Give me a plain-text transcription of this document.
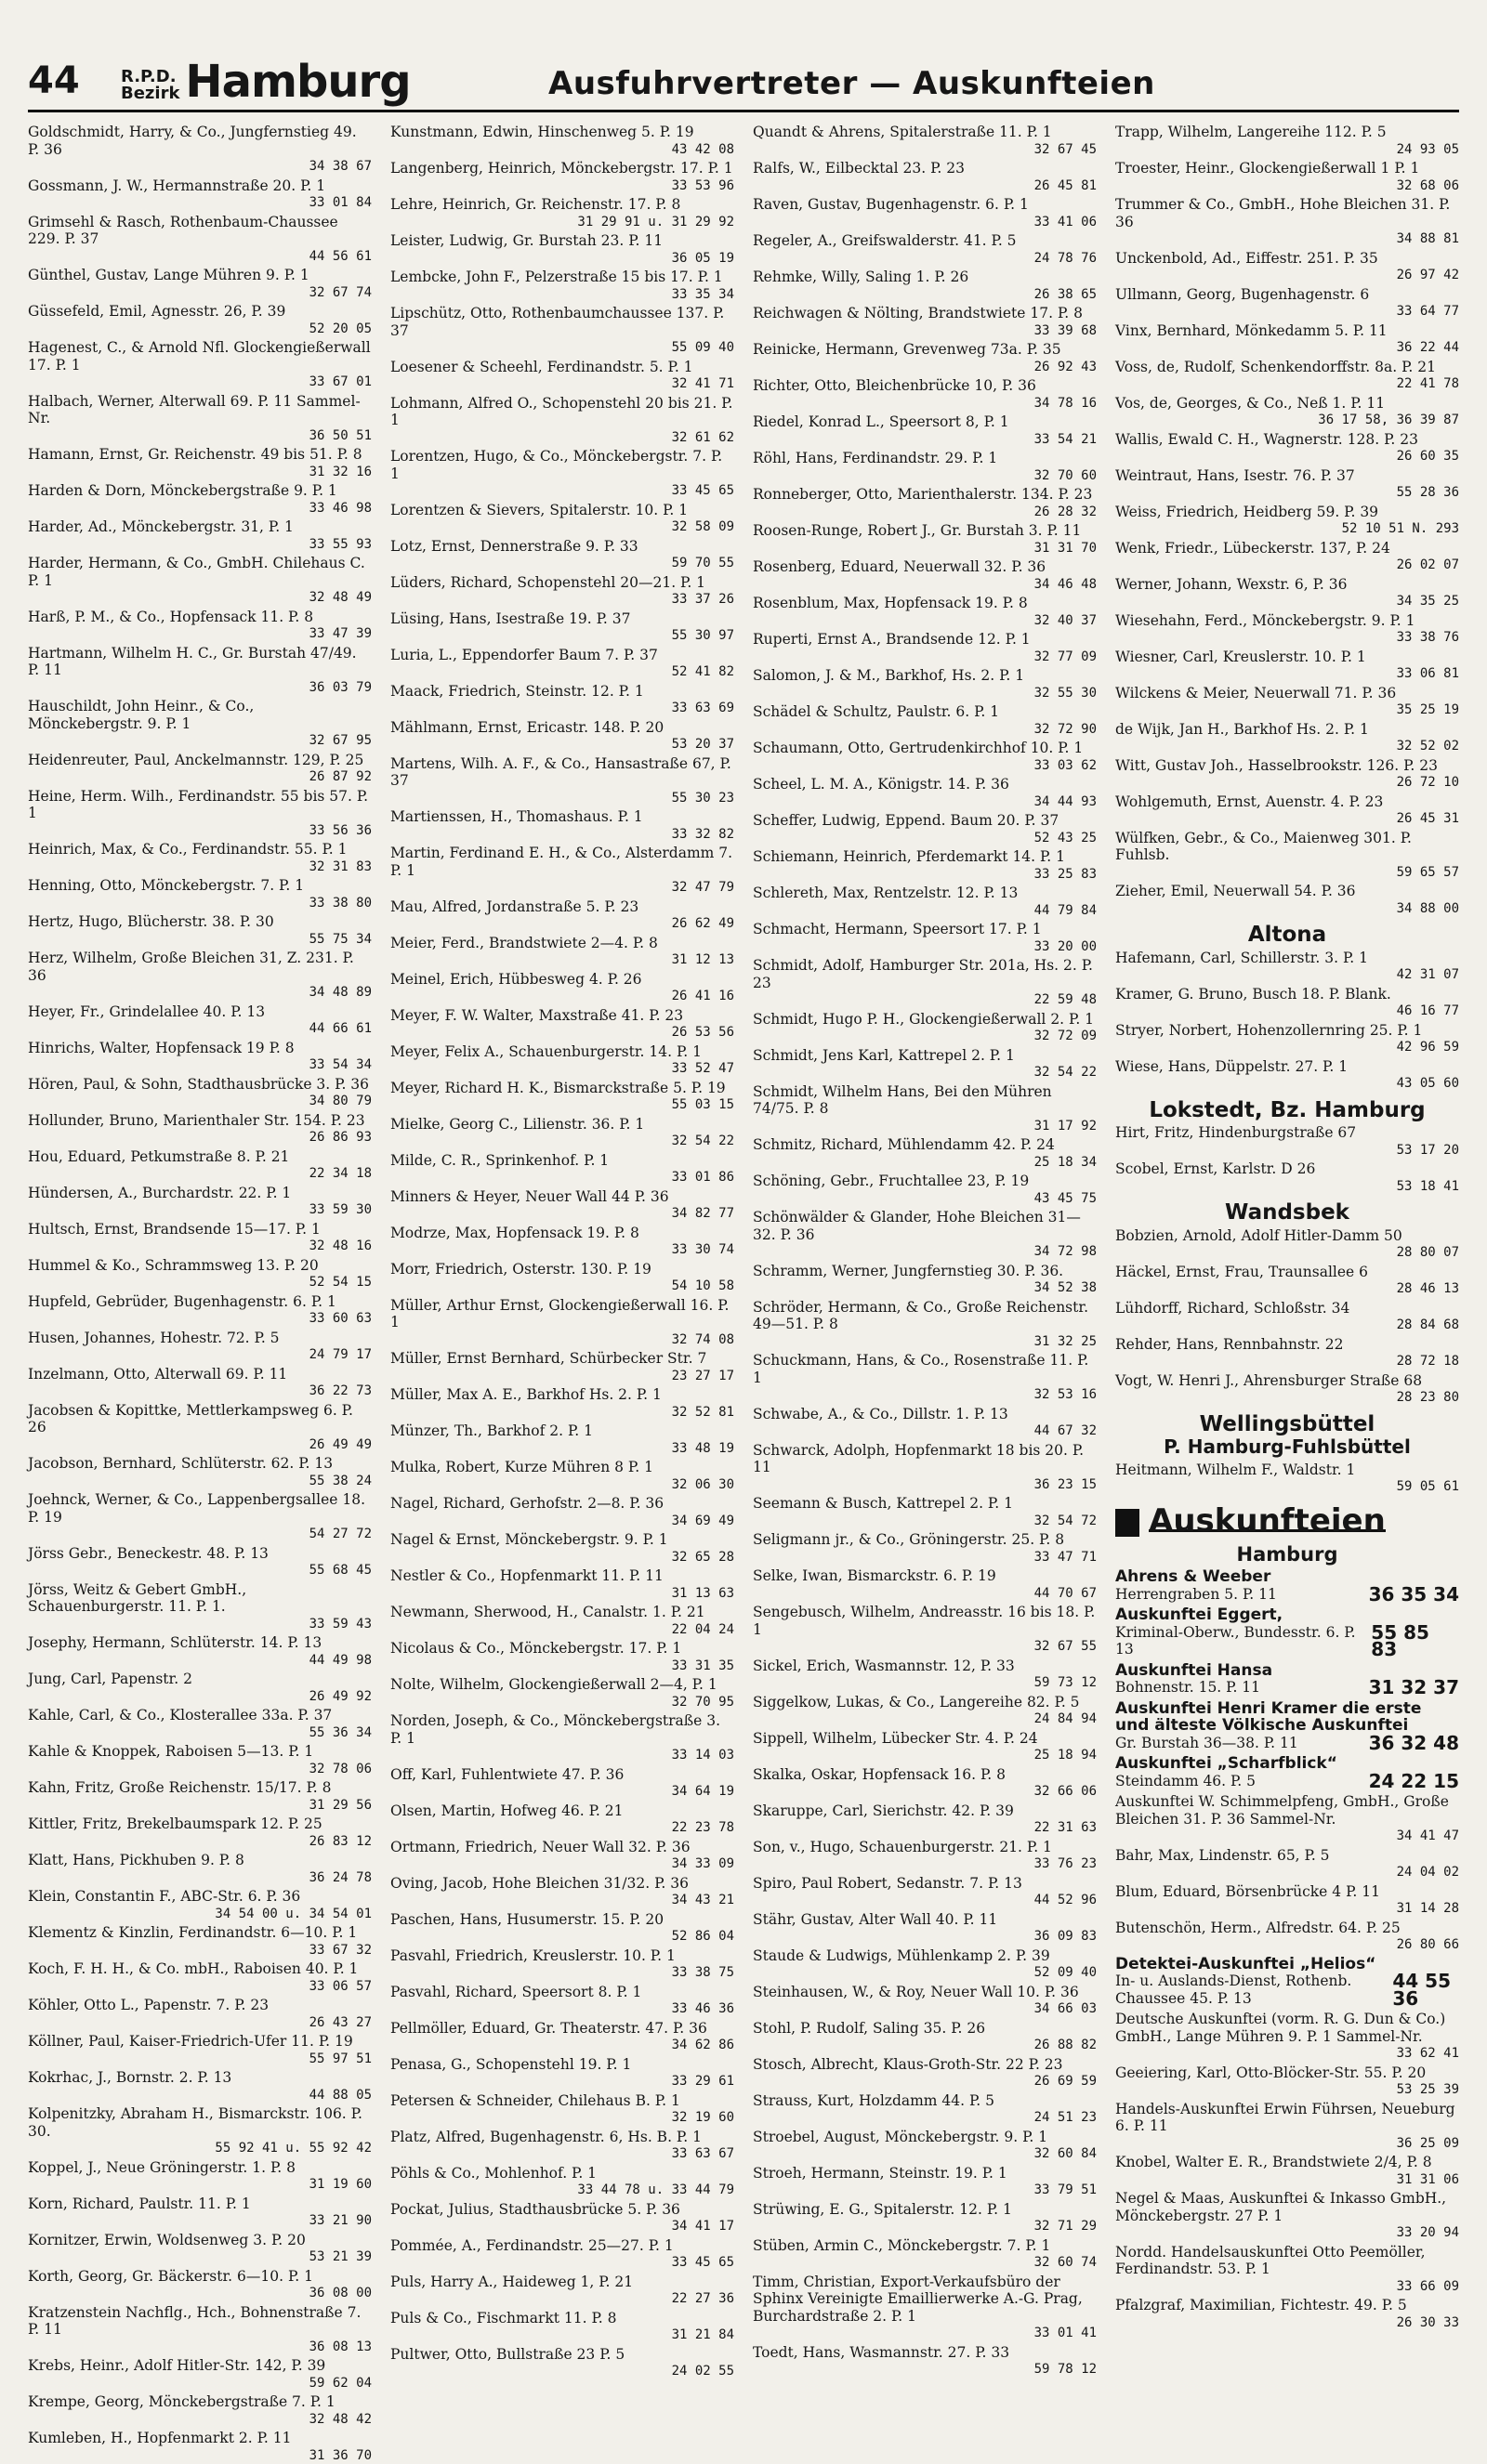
44	R.P.D.
Bezirk Hamburg	Ausfuhrvertreter — Auskunfteien
Goldschmidt, Harry, & Co., Jungfernstieg 49. P. 36
34 38 67
Gossmann, J. W., Hermannstraße 20. P. 1
33 01 84
Grimsehl & Rasch, Rothenbaum-Chaussee 229. P. 37
44 56 61
Günthel, Gustav, Lange Mühren 9. P. 1
32 67 74
Güssefeld, Emil, Agnesstr. 26, P. 39
52 20 05
Hagenest, C., & Arnold Nfl. Glockengießerwall 17. P. 1
33 67 01
Halbach, Werner, Alterwall 69. P. 11 Sammel-Nr.
36 50 51
Hamann, Ernst, Gr. Reichenstr. 49 bis 51. P. 8
31 32 16
Harden & Dorn, Mönckebergstraße 9. P. 1
33 46 98
Harder, Ad., Mönckebergstr. 31, P. 1
33 55 93
Harder, Hermann, & Co., GmbH. Chilehaus C. P. 1
32 48 49
Harß, P. M., & Co., Hopfensack 11. P. 8
33 47 39
Hartmann, Wilhelm H. C., Gr. Burstah 47/49. P. 11
36 03 79
Hauschildt, John Heinr., & Co., Mönckebergstr. 9. P. 1
32 67 95
Heidenreuter, Paul, Anckelmannstr. 129, P. 25
26 87 92
Heine, Herm. Wilh., Ferdinandstr. 55 bis 57. P. 1
33 56 36
Heinrich, Max, & Co., Ferdinandstr. 55. P. 1
32 31 83
Henning, Otto, Mönckebergstr. 7. P. 1
33 38 80
Hertz, Hugo, Blücherstr. 38. P. 30
55 75 34
Herz, Wilhelm, Große Bleichen 31, Z. 231. P. 36
34 48 89
Heyer, Fr., Grindelallee 40. P. 13
44 66 61
Hinrichs, Walter, Hopfensack 19 P. 8
33 54 34
Hören, Paul, & Sohn, Stadthausbrücke 3. P. 36
34 80 79
Hollunder, Bruno, Marienthaler Str. 154. P. 23
26 86 93
Hou, Eduard, Petkumstraße 8. P. 21
22 34 18
Hündersen, A., Burchardstr. 22. P. 1
33 59 30
Hultsch, Ernst, Brandsende 15—17. P. 1
32 48 16
Hummel & Ko., Schrammsweg 13. P. 20
52 54 15
Hupfeld, Gebrüder, Bugenhagenstr. 6. P. 1
33 60 63
Husen, Johannes, Hohestr. 72. P. 5
24 79 17
Inzelmann, Otto, Alterwall 69. P. 11
36 22 73
Jacobsen & Kopittke, Mettlerkampsweg 6. P. 26
26 49 49
Jacobson, Bernhard, Schlüterstr. 62. P. 13
55 38 24
Joehnck, Werner, & Co., Lappenbergsallee 18. P. 19
54 27 72
Jörss Gebr., Beneckestr. 48. P. 13
55 68 45
Jörss, Weitz & Gebert GmbH., Schauenburgerstr. 11. P. 1.
33 59 43
Josephy, Hermann, Schlüterstr. 14. P. 13
44 49 98
Jung, Carl, Papenstr. 2
26 49 92
Kahle, Carl, & Co., Klosterallee 33a. P. 37
55 36 34
Kahle & Knoppek, Raboisen 5—13. P. 1
32 78 06
Kahn, Fritz, Große Reichenstr. 15/17. P. 8
31 29 56
Kittler, Fritz, Brekelbaumspark 12. P. 25
26 83 12
Klatt, Hans, Pickhuben 9. P. 8
36 24 78
Klein, Constantin F., ABC-Str. 6. P. 36
34 54 00 u. 34 54 01
Klementz & Kinzlin, Ferdinandstr. 6—10. P. 1
33 67 32
Koch, F. H. H., & Co. mbH., Raboisen 40. P. 1
33 06 57
Köhler, Otto L., Papenstr. 7. P. 23
26 43 27
Köllner, Paul, Kaiser-Friedrich-Ufer 11. P. 19
55 97 51
Kokrhac, J., Bornstr. 2. P. 13
44 88 05
Kolpenitzky, Abraham H., Bismarckstr. 106. P. 30.
55 92 41 u. 55 92 42
Koppel, J., Neue Gröningerstr. 1. P. 8
31 19 60
Korn, Richard, Paulstr. 11. P. 1
33 21 90
Kornitzer, Erwin, Woldsenweg 3. P. 20
53 21 39
Korth, Georg, Gr. Bäckerstr. 6—10. P. 1
36 08 00
Kratzenstein Nachflg., Hch., Bohnenstraße 7. P. 11
36 08 13
Krebs, Heinr., Adolf Hitler-Str. 142, P. 39
59 62 04
Krempe, Georg, Mönckebergstraße 7. P. 1
32 48 42
Kumleben, H., Hopfenmarkt 2. P. 11
31 36 70
Kunstmann, Edwin, Hinschenweg 5. P. 19
43 42 08
Langenberg, Heinrich, Mönckebergstr. 17. P. 1
33 53 96
Lehre, Heinrich, Gr. Reichenstr. 17. P. 8
31 29 91 u. 31 29 92
Leister, Ludwig, Gr. Burstah 23. P. 11
36 05 19
Lembcke, John F., Pelzerstraße 15 bis 17. P. 1
33 35 34
Lipschütz, Otto, Rothenbaumchaussee 137. P. 37
55 09 40
Loesener & Scheehl, Ferdinandstr. 5. P. 1
32 41 71
Lohmann, Alfred O., Schopenstehl 20 bis 21. P. 1
32 61 62
Lorentzen, Hugo, & Co., Mönckebergstr. 7. P. 1
33 45 65
Lorentzen & Sievers, Spitalerstr. 10. P. 1
32 58 09
Lotz, Ernst, Dennerstraße 9. P. 33
59 70 55
Lüders, Richard, Schopenstehl 20—21. P. 1
33 37 26
Lüsing, Hans, Isestraße 19. P. 37
55 30 97
Luria, L., Eppendorfer Baum 7. P. 37
52 41 82
Maack, Friedrich, Steinstr. 12. P. 1
33 63 69
Mählmann, Ernst, Ericastr. 148. P. 20
53 20 37
Martens, Wilh. A. F., & Co., Hansastraße 67, P. 37
55 30 23
Martienssen, H., Thomashaus. P. 1
33 32 82
Martin, Ferdinand E. H., & Co., Alsterdamm 7. P. 1
32 47 79
Mau, Alfred, Jordanstraße 5. P. 23
26 62 49
Meier, Ferd., Brandstwiete 2—4. P. 8
31 12 13
Meinel, Erich, Hübbesweg 4. P. 26
26 41 16
Meyer, F. W. Walter, Maxstraße 41. P. 23
26 53 56
Meyer, Felix A., Schauenburgerstr. 14. P. 1
33 52 47
Meyer, Richard H. K., Bismarckstraße 5. P. 19
55 03 15
Mielke, Georg C., Lilienstr. 36. P. 1
32 54 22
Milde, C. R., Sprinkenhof. P. 1
33 01 86
Minners & Heyer, Neuer Wall 44 P. 36
34 82 77
Modrze, Max, Hopfensack 19. P. 8
33 30 74
Morr, Friedrich, Osterstr. 130. P. 19
54 10 58
Müller, Arthur Ernst, Glockengießerwall 16. P. 1
32 74 08
Müller, Ernst Bernhard, Schürbecker Str. 7
23 27 17
Müller, Max A. E., Barkhof Hs. 2. P. 1
32 52 81
Münzer, Th., Barkhof 2. P. 1
33 48 19
Mulka, Robert, Kurze Mühren 8 P. 1
32 06 30
Nagel, Richard, Gerhofstr. 2—8. P. 36
34 69 49
Nagel & Ernst, Mönckebergstr. 9. P. 1
32 65 28
Nestler & Co., Hopfenmarkt 11. P. 11
31 13 63
Newmann, Sherwood, H., Canalstr. 1. P. 21
22 04 24
Nicolaus & Co., Mönckebergstr. 17. P. 1
33 31 35
Nolte, Wilhelm, Glockengießerwall 2—4, P. 1
32 70 95
Norden, Joseph, & Co., Mönckebergstraße 3. P. 1
33 14 03
Off, Karl, Fuhlentwiete 47. P. 36
34 64 19
Olsen, Martin, Hofweg 46. P. 21
22 23 78
Ortmann, Friedrich, Neuer Wall 32. P. 36
34 33 09
Oving, Jacob, Hohe Bleichen 31/32. P. 36
34 43 21
Paschen, Hans, Husumerstr. 15. P. 20
52 86 04
Pasvahl, Friedrich, Kreuslerstr. 10. P. 1
33 38 75
Pasvahl, Richard, Speersort 8. P. 1
33 46 36
Pellmöller, Eduard, Gr. Theaterstr. 47. P. 36
34 62 86
Penasa, G., Schopenstehl 19. P. 1
33 29 61
Petersen & Schneider, Chilehaus B. P. 1
32 19 60
Platz, Alfred, Bugenhagenstr. 6, Hs. B. P. 1
33 63 67
Pöhls & Co., Mohlenhof. P. 1
33 44 78 u. 33 44 79
Pockat, Julius, Stadthausbrücke 5. P. 36
34 41 17
Pommée, A., Ferdinandstr. 25—27. P. 1
33 45 65
Puls, Harry A., Haideweg 1, P. 21
22 27 36
Puls & Co., Fischmarkt 11. P. 8
31 21 84
Pultwer, Otto, Bullstraße 23 P. 5
24 02 55
Quandt & Ahrens, Spitalerstraße 11. P. 1
32 67 45
Ralfs, W., Eilbecktal 23. P. 23
26 45 81
Raven, Gustav, Bugenhagenstr. 6. P. 1
33 41 06
Regeler, A., Greifswalderstr. 41. P. 5
24 78 76
Rehmke, Willy, Saling 1. P. 26
26 38 65
Reichwagen & Nölting, Brandstwiete 17. P. 8
33 39 68
Reinicke, Hermann, Grevenweg 73a. P. 35
26 92 43
Richter, Otto, Bleichenbrücke 10, P. 36
34 78 16
Riedel, Konrad L., Speersort 8, P. 1
33 54 21
Röhl, Hans, Ferdinandstr. 29. P. 1
32 70 60
Ronneberger, Otto, Marienthalerstr. 134. P. 23
26 28 32
Roosen-Runge, Robert J., Gr. Burstah 3. P. 11
31 31 70
Rosenberg, Eduard, Neuerwall 32. P. 36
34 46 48
Rosenblum, Max, Hopfensack 19. P. 8
32 40 37
Ruperti, Ernst A., Brandsende 12. P. 1
32 77 09
Salomon, J. & M., Barkhof, Hs. 2. P. 1
32 55 30
Schädel & Schultz, Paulstr. 6. P. 1
32 72 90
Schaumann, Otto, Gertrudenkirchhof 10. P. 1
33 03 62
Scheel, L. M. A., Königstr. 14. P. 36
34 44 93
Scheffer, Ludwig, Eppend. Baum 20. P. 37
52 43 25
Schiemann, Heinrich, Pferdemarkt 14. P. 1
33 25 83
Schlereth, Max, Rentzelstr. 12. P. 13
44 79 84
Schmacht, Hermann, Speersort 17. P. 1
33 20 00
Schmidt, Adolf, Hamburger Str. 201a, Hs. 2. P. 23
22 59 48
Schmidt, Hugo P. H., Glockengießerwall 2. P. 1
32 72 09
Schmidt, Jens Karl, Kattrepel 2. P. 1
32 54 22
Schmidt, Wilhelm Hans, Bei den Mühren 74/75. P. 8
31 17 92
Schmitz, Richard, Mühlendamm 42. P. 24
25 18 34
Schöning, Gebr., Fruchtallee 23, P. 19
43 45 75
Schönwälder & Glander, Hohe Bleichen 31—32. P. 36
34 72 98
Schramm, Werner, Jungfernstieg 30. P. 36.
34 52 38
Schröder, Hermann, & Co., Große Reichenstr. 49—51. P. 8
31 32 25
Schuckmann, Hans, & Co., Rosenstraße 11. P. 1
32 53 16
Schwabe, A., & Co., Dillstr. 1. P. 13
44 67 32
Schwarck, Adolph, Hopfenmarkt 18 bis 20. P. 11
36 23 15
Seemann & Busch, Kattrepel 2. P. 1
32 54 72
Seligmann jr., & Co., Gröningerstr. 25. P. 8
33 47 71
Selke, Iwan, Bismarckstr. 6. P. 19
44 70 67
Sengebusch, Wilhelm, Andreasstr. 16 bis 18. P. 1
32 67 55
Sickel, Erich, Wasmannstr. 12, P. 33
59 73 12
Siggelkow, Lukas, & Co., Langereihe 82. P. 5
24 84 94
Sippell, Wilhelm, Lübecker Str. 4. P. 24
25 18 94
Skalka, Oskar, Hopfensack 16. P. 8
32 66 06
Skaruppe, Carl, Sierichstr. 42. P. 39
22 31 63
Son, v., Hugo, Schauenburgerstr. 21. P. 1
33 76 23
Spiro, Paul Robert, Sedanstr. 7. P. 13
44 52 96
Stähr, Gustav, Alter Wall 40. P. 11
36 09 83
Staude & Ludwigs, Mühlenkamp 2. P. 39
52 09 40
Steinhausen, W., & Roy, Neuer Wall 10. P. 36
34 66 03
Stohl, P. Rudolf, Saling 35. P. 26
26 88 82
Stosch, Albrecht, Klaus-Groth-Str. 22 P. 23
26 69 59
Strauss, Kurt, Holzdamm 44. P. 5
24 51 23
Stroebel, August, Mönckebergstr. 9. P. 1
32 60 84
Stroeh, Hermann, Steinstr. 19. P. 1
33 79 51
Strüwing, E. G., Spitalerstr. 12. P. 1
32 71 29
Stüben, Armin C., Mönckebergstr. 7. P. 1
32 60 74
Timm, Christian, Export-Verkaufsbüro der Sphinx Vereinigte Emaillierwerke A.-G. Prag, Burchardstraße 2. P. 1
33 01 41
Toedt, Hans, Wasmannstr. 27. P. 33
59 78 12
Trapp, Wilhelm, Langereihe 112. P. 5
24 93 05
Troester, Heinr., Glockengießerwall 1 P. 1
32 68 06
Trummer & Co., GmbH., Hohe Bleichen 31. P. 36
34 88 81
Unckenbold, Ad., Eiffestr. 251. P. 35
26 97 42
Ullmann, Georg, Bugenhagenstr. 6
33 64 77
Vinx, Bernhard, Mönkedamm 5. P. 11
36 22 44
Voss, de, Rudolf, Schenkendorffstr. 8a. P. 21
22 41 78
Vos, de, Georges, & Co., Neß 1. P. 11
36 17 58, 36 39 87
Wallis, Ewald C. H., Wagnerstr. 128. P. 23
26 60 35
Weintraut, Hans, Isestr. 76. P. 37
55 28 36
Weiss, Friedrich, Heidberg 59. P. 39
52 10 51 N. 293
Wenk, Friedr., Lübeckerstr. 137, P. 24
26 02 07
Werner, Johann, Wexstr. 6, P. 36
34 35 25
Wiesehahn, Ferd., Mönckebergstr. 9. P. 1
33 38 76
Wiesner, Carl, Kreuslerstr. 10. P. 1
33 06 81
Wilckens & Meier, Neuerwall 71. P. 36
35 25 19
de Wijk, Jan H., Barkhof Hs. 2. P. 1
32 52 02
Witt, Gustav Joh., Hasselbrookstr. 126. P. 23
26 72 10
Wohlgemuth, Ernst, Auenstr. 4. P. 23
26 45 31
Wülfken, Gebr., & Co., Maienweg 301. P. Fuhlsb.
59 65 57
Zieher, Emil, Neuerwall 54. P. 36
34 88 00
Altona
Hafemann, Carl, Schillerstr. 3. P. 1
42 31 07
Kramer, G. Bruno, Busch 18. P. Blank.
46 16 77
Stryer, Norbert, Hohenzollernring 25. P. 1
42 96 59
Wiese, Hans, Düppelstr. 27. P. 1
43 05 60
Lokstedt, Bz. Hamburg
Hirt, Fritz, Hindenburgstraße 67
53 17 20
Scobel, Ernst, Karlstr. D 26
53 18 41
Wandsbek
Bobzien, Arnold, Adolf Hitler-Damm 50
28 80 07
Häckel, Ernst, Frau, Traunsallee 6
28 46 13
Lühdorff, Richard, Schloßstr. 34
28 84 68
Rehder, Hans, Rennbahnstr. 22
28 72 18
Vogt, W. Henri J., Ahrensburger Straße 68
28 23 80
Wellingsbüttel
P. Hamburg-Fuhlsbüttel
Heitmann, Wilhelm F., Waldstr. 1
59 05 61
Auskunfteien
Hamburg
Ahrens & Weeber
Herrengraben 5. P. 11	36 35 34
Auskunftei Eggert,
Kriminal-Oberw., Bundesstr. 6. P. 13
55 85 83
Auskunftei Hansa
Bohnenstr. 15. P. 11	31 32 37
Auskunftei Henri Kramer die erste und älteste Völkische Auskunftei
Gr. Burstah 36—38. P. 11	36 32 48
Auskunftei „Scharfblick“
Steindamm 46. P. 5	24 22 15
Auskunftei W. Schimmelpfeng, GmbH., Große Bleichen 31. P. 36 Sammel-Nr.
34 41 47
Bahr, Max, Lindenstr. 65, P. 5
24 04 02
Blum, Eduard, Börsenbrücke 4 P. 11
31 14 28
Butenschön, Herm., Alfredstr. 64. P. 25
26 80 66
Detektei-Auskunftei „Helios“
In- u. Auslands-Dienst, Rothenb. Chaussee 45. P. 13
44 55 36
Deutsche Auskunftei (vorm. R. G. Dun & Co.) GmbH., Lange Mühren 9. P. 1 Sammel-Nr.
33 62 41
Geeiering, Karl, Otto-Blöcker-Str. 55. P. 20
53 25 39
Handels-Auskunftei Erwin Führsen, Neueburg 6. P. 11
36 25 09
Knobel, Walter E. R., Brandstwiete 2/4, P. 8
31 31 06
Negel & Maas, Auskunftei & Inkasso GmbH., Mönckebergstr. 27 P. 1
33 20 94
Nordd. Handelsauskunftei Otto Peemöller, Ferdinandstr. 53. P. 1
33 66 09
Pfalzgraf, Maximilian, Fichtestr. 49. P. 5
26 30 33
